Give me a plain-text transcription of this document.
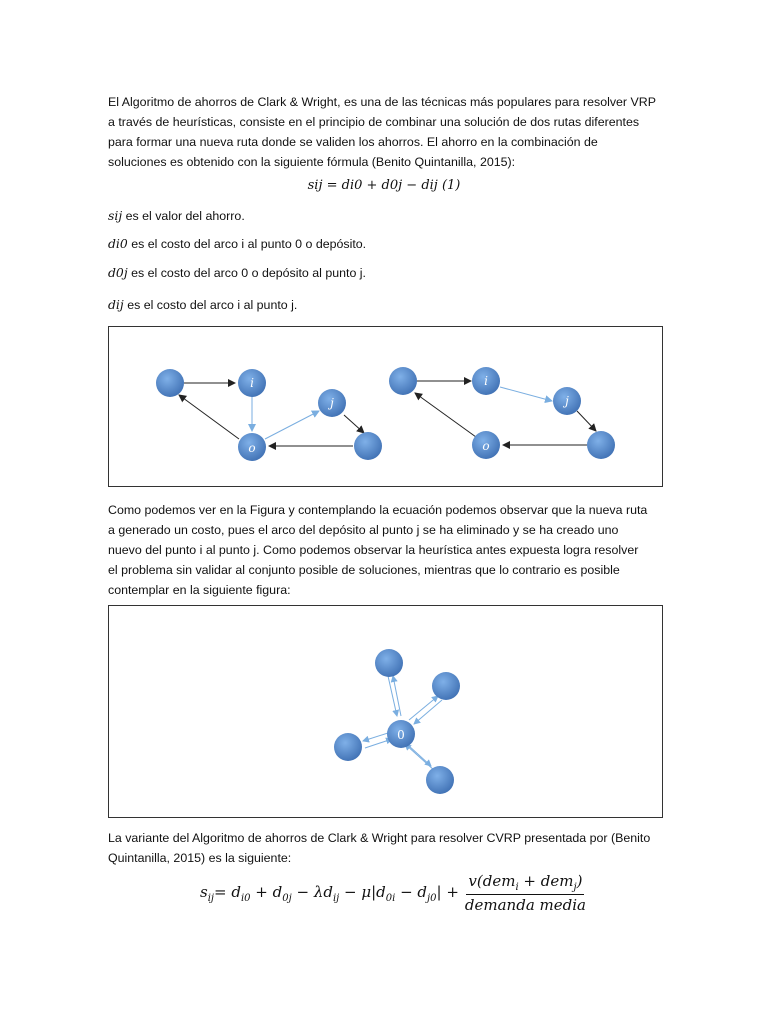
El Algoritmo de ahorros de Clark & Wright, es una de las técnicas más populares para resolver VRP
a través de heurísticas, consiste en el principio de combinar una solución de dos rutas diferentes
para formar una nueva ruta donde se validen los ahorros. El ahorro en la combinación de
soluciones es obtenido con la siguiente fórmula (Benito Quintanilla, 2015):

sij = di0 + d0j − dij (1)

sij es el valor del ahorro.

di0 es el costo del arco i al punto 0 o depósito.

d0j es el costo del arco 0 o depósito al punto j.

dij es el costo del arco i al punto j.

i
j
o
i
j
o

Como podemos ver en la Figura y contemplando la ecuación podemos observar que la nueva ruta
a generado un costo, pues el arco del depósito al punto j se ha eliminado y se ha creado uno
nuevo del punto i al punto j. Como podemos observar la heurística antes expuesta logra resolver
el problema sin validar al conjunto posible de soluciones, mientras que lo contrario es posible
contemplar en la siguiente figura:

0

La variante del Algoritmo de ahorros de Clark & Wright para resolver CVRP presentada por (Benito
Quintanilla, 2015) es la siguiente:

$s_{ij} = d_{i0} + d_{0j} - \lambda d_{ij} - \mu|d_{0i} - d_{j0}| + \frac{v(dem_i + dem_j)}{\text{demanda media}}$
